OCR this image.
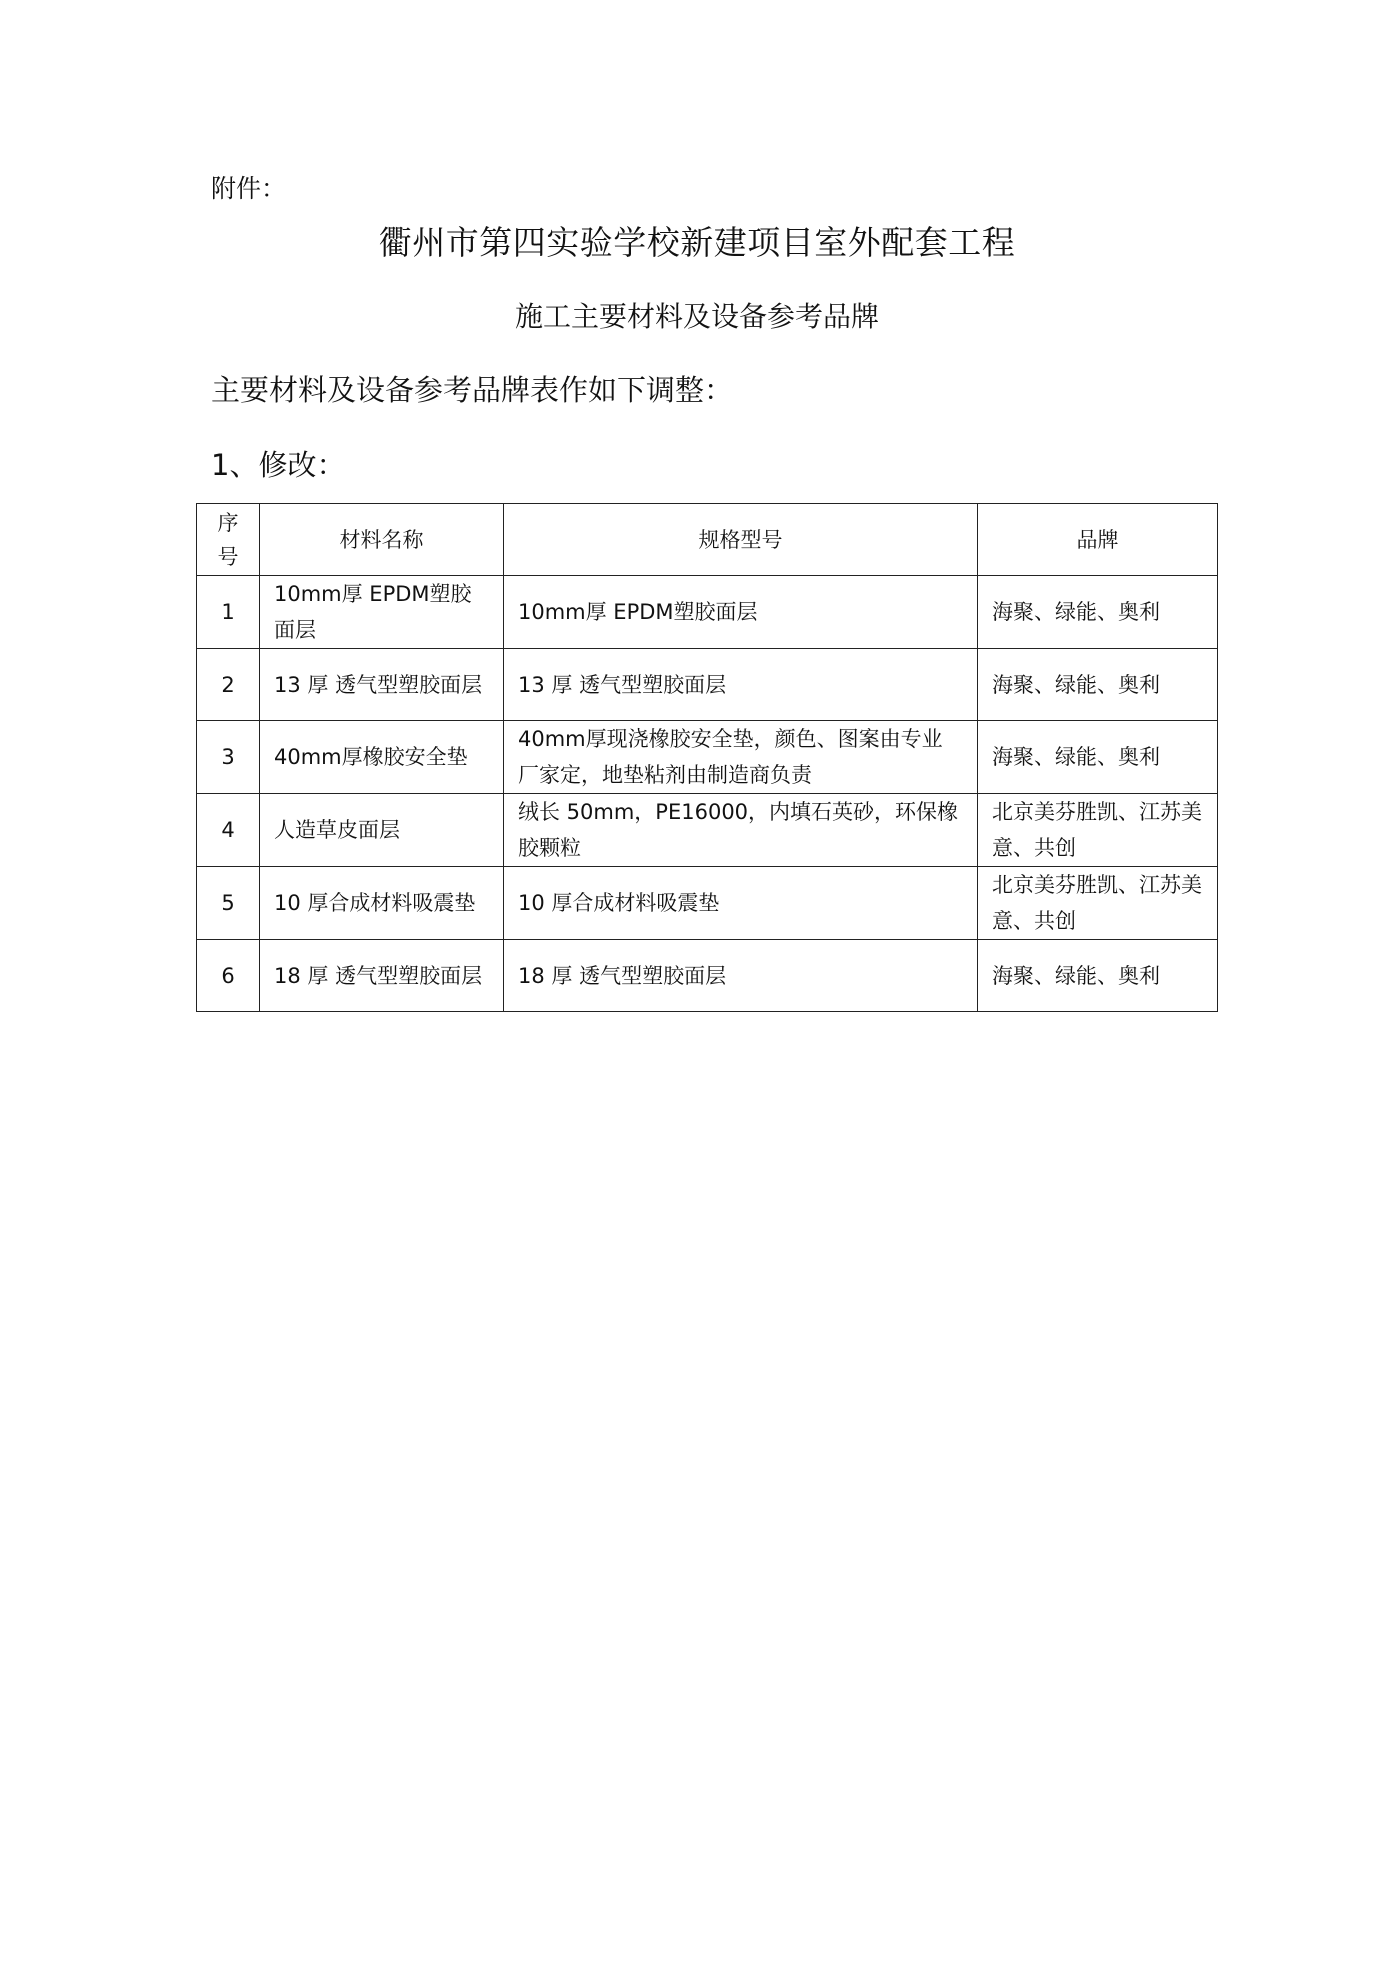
附件：
衢州市第四实验学校新建项目室外配套工程
施工主要材料及设备参考品牌
主要材料及设备参考品牌表作如下调整：
1、修改：
序号	材料名称	规格型号	品牌
1	10mm厚 EPDM塑胶面层	10mm厚 EPDM塑胶面层	海聚、绿能、奥利
2	13 厚 透气型塑胶面层	13 厚 透气型塑胶面层	海聚、绿能、奥利
3	40mm厚橡胶安全垫	40mm厚现浇橡胶安全垫，颜色、图案由专业厂家定，地垫粘剂由制造商负责	海聚、绿能、奥利
4	人造草皮面层	绒长 50mm，PE16000，内填石英砂，环保橡胶颗粒	北京美芬胜凯、江苏美意、共创
5	10 厚合成材料吸震垫	10 厚合成材料吸震垫	北京美芬胜凯、江苏美意、共创
6	18 厚 透气型塑胶面层	18 厚 透气型塑胶面层	海聚、绿能、奥利
